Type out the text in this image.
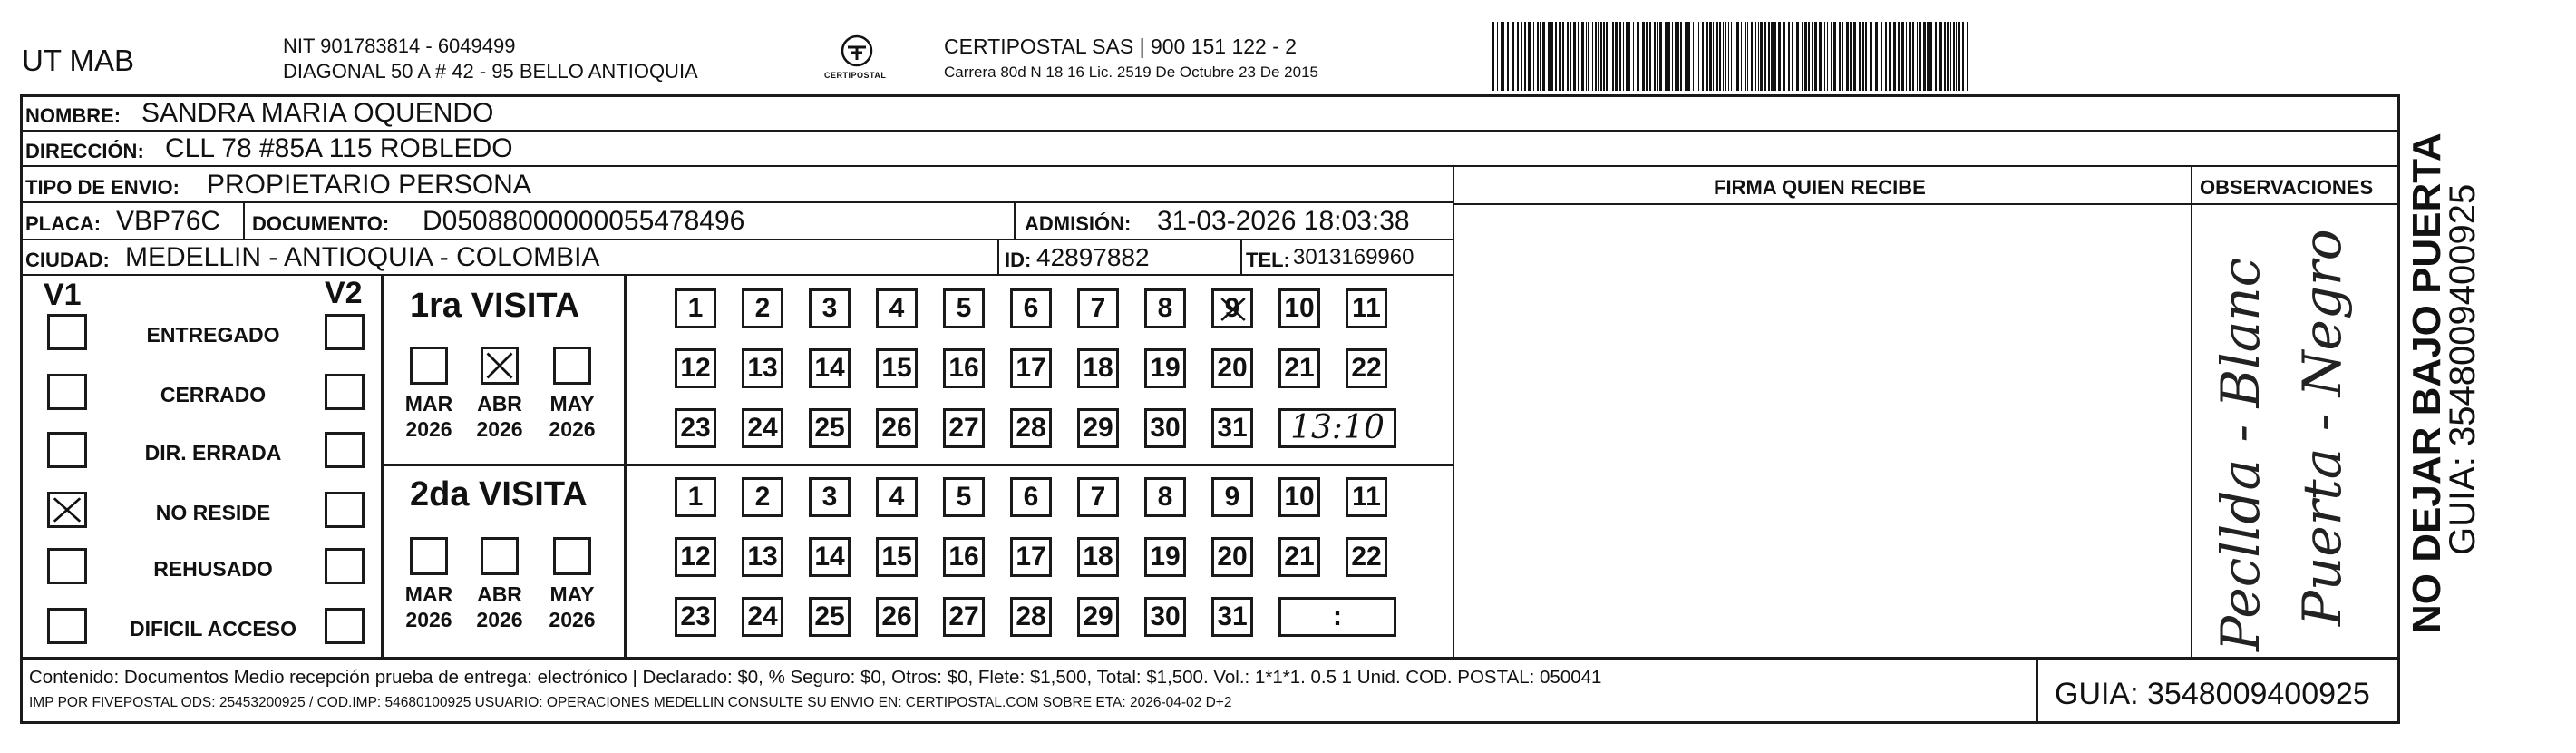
UT MAB	NIT 901783814 - 6049499
DIAGONAL 50 A # 42 - 95 BELLO ANTIOQUIA	CERTIPOSTAL
CERTIPOSTAL SAS | 900 151 122 - 2
Carrera 80d N 18 16 Lic. 2519 De Octubre 23 De 2015
NOMBRE: SANDRA MARIA OQUENDO
DIRECCIÓN: CLL 78 #85A 115 ROBLEDO
TIPO DE ENVIO: PROPIETARIO PERSONA
PLACA: VBP76C DOCUMENTO: D05088000000055478496	ADMISIÓN: 31-03-2026 18:03:38
CIUDAD: MEDELLIN - ANTIOQUIA - COLOMBIA	ID: 42897882	TEL: 3013169960
FIRMA QUIEN RECIBE	OBSERVACIONES
Pecllda - Blanc Puerta - Negro
V1	V2
ENTREGADO
CERRADO
DIR. ERRADA
NO RESIDE
REHUSADO
DIFICIL ACCESO
1ra VISITA
MAR
2026
ABR
2026
MAY
2026
1 2 3 4 5 6 7 8 9 10 11
12 13 14 15 16 17 18 19 20 21 22
23 24 25 26 27 28 29 30 31 13:10
2da VISITA
MAR
2026
ABR
2026
MAY
2026
1 2 3 4 5 6 7 8 9 10 11
12 13 14 15 16 17 18 19 20 21 22
23 24 25 26 27 28 29 30 31	:
Contenido: Documentos Medio recepción prueba de entrega: electrónico | Declarado: $0, % Seguro: $0, Otros: $0, Flete: $1,500, Total: $1,500. Vol.: 1*1*1. 0.5 1 Unid. COD. POSTAL: 050041
IMP POR FIVEPOSTAL ODS: 25453200925 / COD.IMP: 54680100925 USUARIO: OPERACIONES MEDELLIN CONSULTE SU ENVIO EN: CERTIPOSTAL.COM SOBRE ETA: 2026-04-02 D+2	GUIA: 3548009400925
NO DEJAR BAJO PUERTA
GUIA: 3548009400925
